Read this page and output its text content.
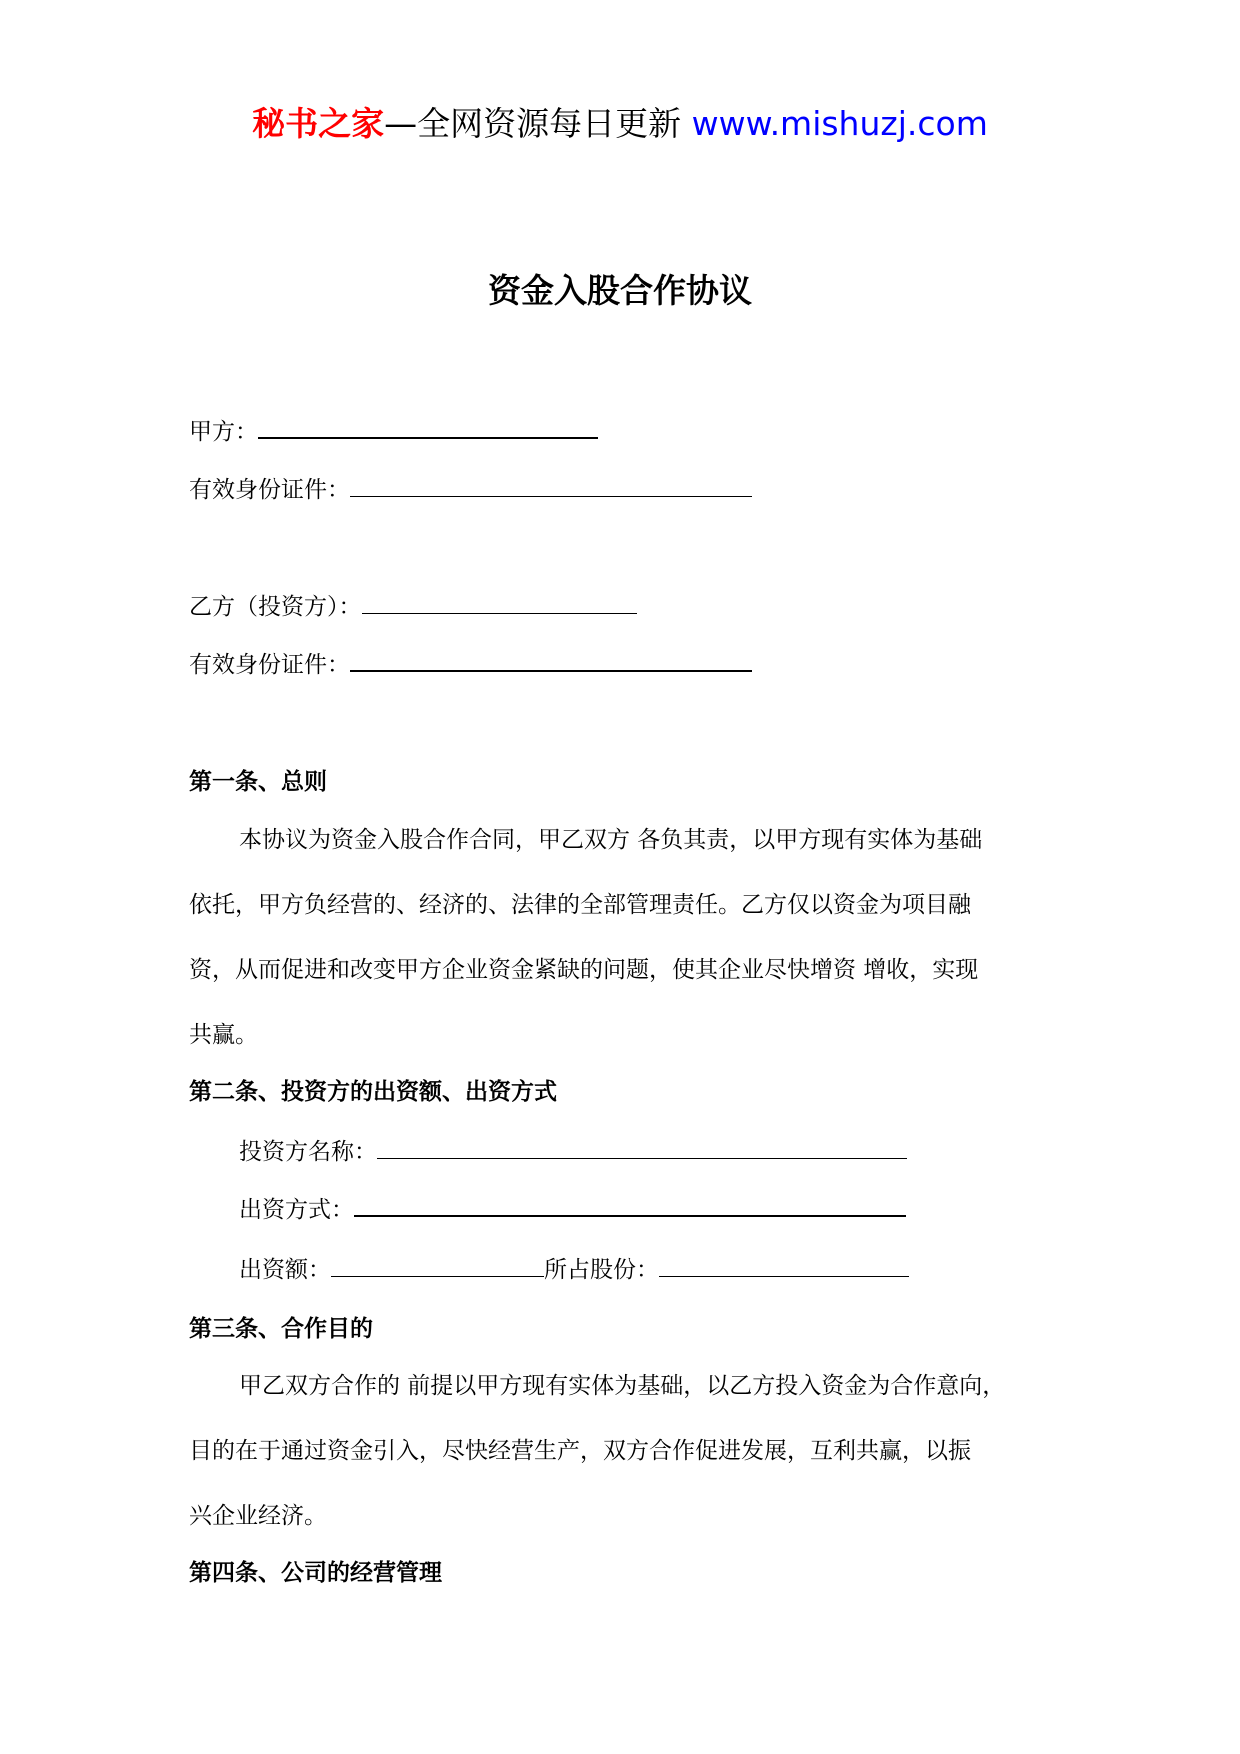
秘书之家—全网资源每日更新 www.mishuzj.com
资金入股合作协议
甲方：
有效身份证件：
乙方（投资方）：
有效身份证件：
第一条、总则

本协议为资金入股合作合同，甲乙双方 各负其责，以甲方现有实体为基础

依托，甲方负经营的、经济的、法律的全部管理责任。乙方仅以资金为项目融

资，从而促进和改变甲方企业资金紧缺的问题，使其企业尽快增资 增收，实现

共赢。

第二条、投资方的出资额、出资方式
投资方名称：
出资方式：
出资额：	所占股份：
第三条、合作目的

甲乙双方合作的 前提以甲方现有实体为基础，以乙方投入资金为合作意向，

目的在于通过资金引入，尽快经营生产，双方合作促进发展，互利共赢，以振

兴企业经济。

第四条、公司的经营管理
